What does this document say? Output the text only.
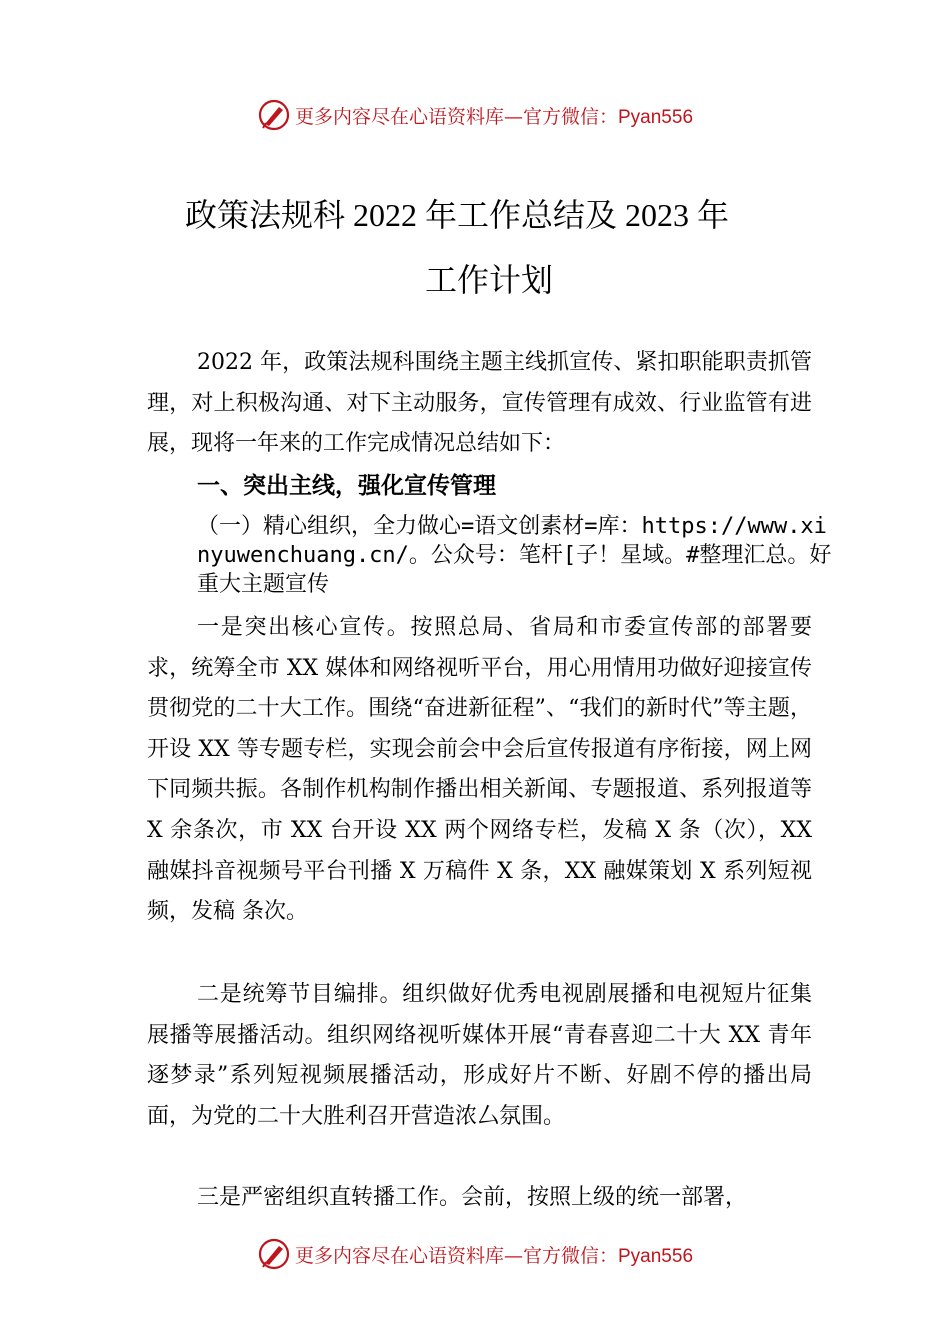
更多内容尽在心语资料库—官方微信：Pyan556
政策法规科 2022 年工作总结及 2023 年
工作计划
2022 年，政策法规科围绕主题主线抓宣传、紧扣职能职责抓管理，对上积极沟通、对下主动服务，宣传管理有成效、行业监管有进展，现将一年来的工作完成情况总结如下：
一、突出主线，强化宣传管理
（一）精心组织，全力做心=语文创素材=库：https://www.xinyuwenchuang.cn/。公众号：笔杆[子！星域。#整理汇总。好重大主题宣传
一是突出核心宣传。按照总局、省局和市委宣传部的部署要求，统筹全市 XX 媒体和网络视听平台，用心用情用功做好迎接宣传贯彻党的二十大工作。围绕“奋进新征程”、“我们的新时代”等主题，开设 XX 等专题专栏，实现会前会中会后宣传报道有序衔接，网上网下同频共振。各制作机构制作播出相关新闻、专题报道、系列报道等 X 余条次，市 XX 台开设 XX 两个网络专栏，发稿 X 条（次），XX 融媒抖音视频号平台刊播 X 万稿件 X 条，XX 融媒策划 X 系列短视频，发稿 条次。
二是统筹节目编排。组织做好优秀电视剧展播和电视短片征集展播等展播活动。组织网络视听媒体开展“青春喜迎二十大 XX 青年逐梦录”系列短视频展播活动，形成好片不断、好剧不停的播出局面，为党的二十大胜利召开营造浓厶氛围。
三是严密组织直转播工作。会前，按照上级的统一部署，
更多内容尽在心语资料库—官方微信：Pyan556
